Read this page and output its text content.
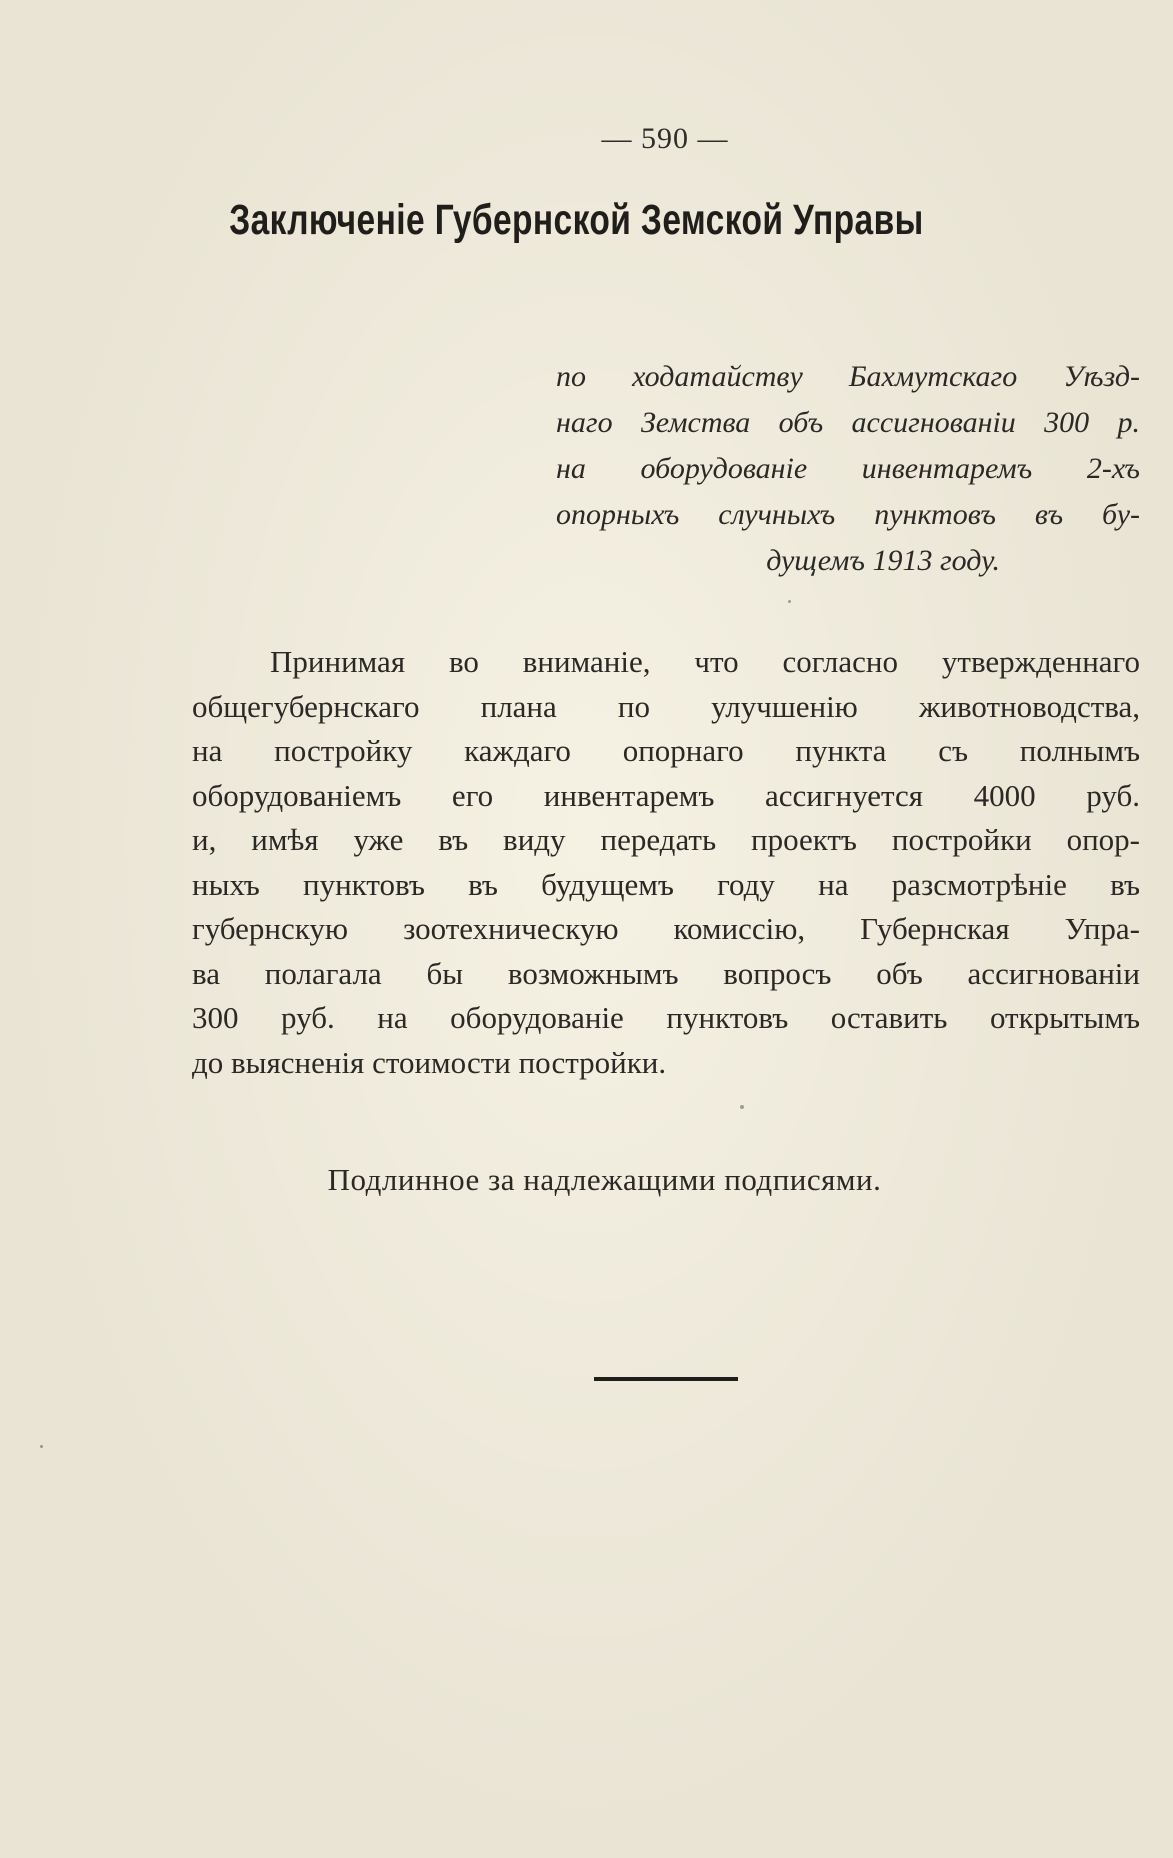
— 590 —
Заключенiе Губернской Земской Управы
по ходатайству Бахмутскаго Уѣзд-
наго Земства объ ассигнованiи 300 р.
на оборудованiе инвентаремъ 2-хъ
опорныхъ случныхъ пунктовъ въ бу-
дущемъ 1913 году.
Принимая во вниманiе, что согласно утвержденнаго
общегубернскаго плана по улучшенiю животноводства,
на постройку каждаго опорнаго пункта съ полнымъ
оборудованiемъ его инвентаремъ ассигнуется 4000 руб.
и, имѣя уже въ виду передать проектъ постройки опор-
ныхъ пунктовъ въ будущемъ году на разсмотрѣнiе въ
губернскую зоотехническую комиссiю, Губернская Упра-
ва полагала бы возможнымъ вопросъ объ ассигнованiи
300 руб. на оборудованiе пунктовъ оставить открытымъ
до выясненiя стоимости постройки.
Подлинное за надлежащими подписями.
